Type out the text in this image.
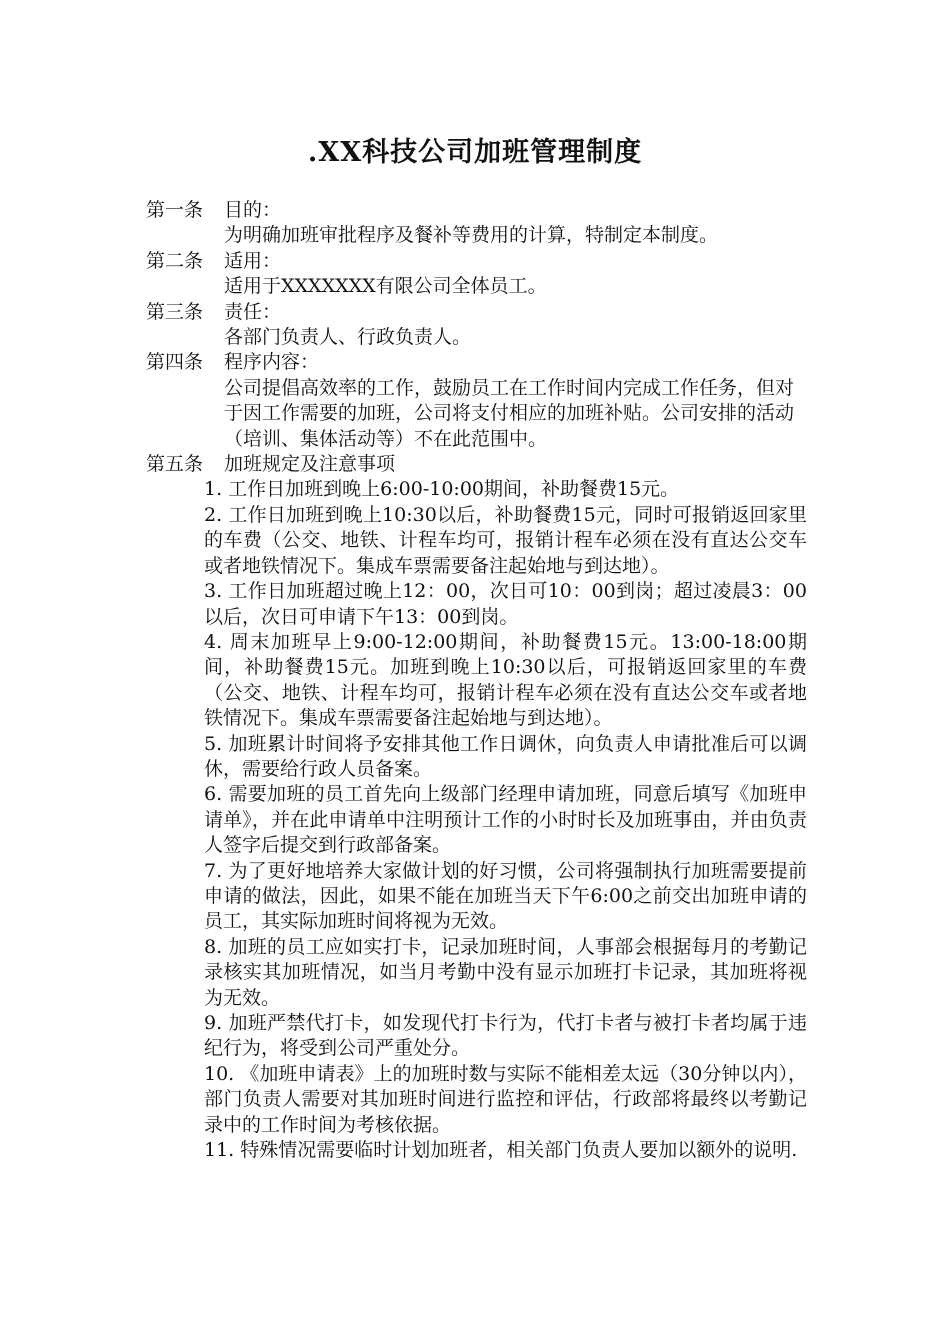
.XX科技公司加班管理制度
第一条 目的：
为明确加班审批程序及餐补等费用的计算，特制定本制度。
第二条 适用：
适用于XXXXXXX有限公司全体员工。
第三条 责任：
各部门负责人、行政负责人。
第四条 程序内容：
公司提倡高效率的工作，鼓励员工在工作时间内完成工作任务，但对于因工作需要的加班，公司将支付相应的加班补贴。公司安排的活动（培训、集体活动等）不在此范围中。
第五条 加班规定及注意事项
1. 工作日加班到晚上6:00-10:00期间，补助餐费15元。
2. 工作日加班到晚上10:30以后，补助餐费15元，同时可报销返回家里的车费（公交、地铁、计程车均可，报销计程车必须在没有直达公交车或者地铁情况下。集成车票需要备注起始地与到达地）。
3. 工作日加班超过晚上12：00，次日可10：00到岗；超过凌晨3：00以后，次日可申请下午13：00到岗。
4. 周末加班早上9:00-12:00期间，补助餐费15元。13:00-18:00期间，补助餐费15元。加班到晚上10:30以后，可报销返回家里的车费（公交、地铁、计程车均可，报销计程车必须在没有直达公交车或者地铁情况下。集成车票需要备注起始地与到达地）。
5. 加班累计时间将予安排其他工作日调休，向负责人申请批准后可以调休，需要给行政人员备案。
6. 需要加班的员工首先向上级部门经理申请加班，同意后填写《加班申请单》，并在此申请单中注明预计工作的小时时长及加班事由，并由负责人签字后提交到行政部备案。
7. 为了更好地培养大家做计划的好习惯，公司将强制执行加班需要提前申请的做法，因此，如果不能在加班当天下午6:00之前交出加班申请的员工，其实际加班时间将视为无效。
8. 加班的员工应如实打卡，记录加班时间，人事部会根据每月的考勤记录核实其加班情况，如当月考勤中没有显示加班打卡记录，其加班将视为无效。
9. 加班严禁代打卡，如发现代打卡行为，代打卡者与被打卡者均属于违纪行为，将受到公司严重处分。
10. 《加班申请表》上的加班时数与实际不能相差太远（30分钟以内），部门负责人需要对其加班时间进行监控和评估，行政部将最终以考勤记录中的工作时间为考核依据。
11. 特殊情况需要临时计划加班者，相关部门负责人要加以额外的说明.
